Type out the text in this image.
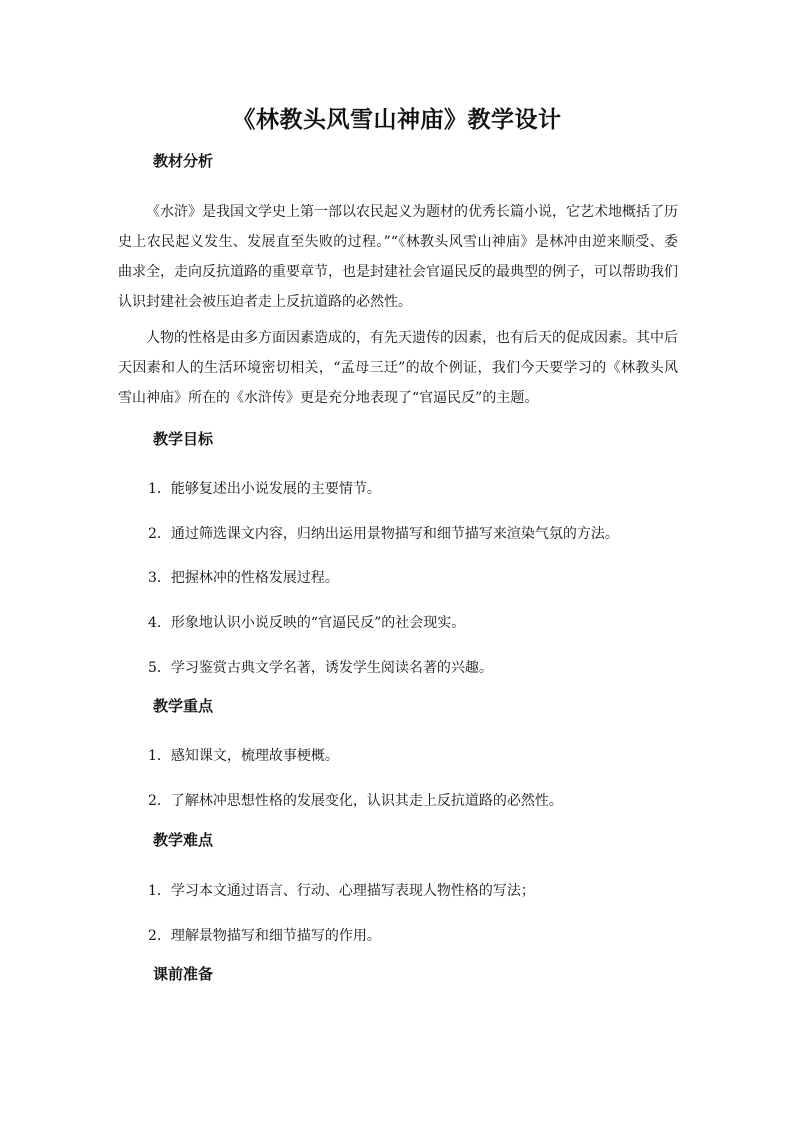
《林教头风雪山神庙》教学设计
教材分析
《水浒》是我国文学史上第一部以农民起义为题材的优秀长篇小说，它艺术地概括了历史上农民起义发生、发展直至失败的过程。”“《林教头风雪山神庙》是林冲由逆来顺受、委曲求全，走向反抗道路的重要章节，也是封建社会官逼民反的最典型的例子，可以帮助我们认识封建社会被压迫者走上反抗道路的必然性。
人物的性格是由多方面因素造成的，有先天遗传的因素，也有后天的促成因素。其中后天因素和人的生活环境密切相关，“孟母三迁”的故个例证，我们今天要学习的《林教头风雪山神庙》所在的《水浒传》更是充分地表现了“官逼民反”的主题。
教学目标
1．能够复述出小说发展的主要情节。
2．通过筛选课文内容，归纳出运用景物描写和细节描写来渲染气氛的方法。
3．把握林冲的性格发展过程。
4．形象地认识小说反映的“官逼民反”的社会现实。
5．学习鉴赏古典文学名著，诱发学生阅读名著的兴趣。
教学重点
1．感知课文，梳理故事梗概。
2．了解林冲思想性格的发展变化，认识其走上反抗道路的必然性。
教学难点
1．学习本文通过语言、行动、心理描写表现人物性格的写法；
2．理解景物描写和细节描写的作用。
课前准备
